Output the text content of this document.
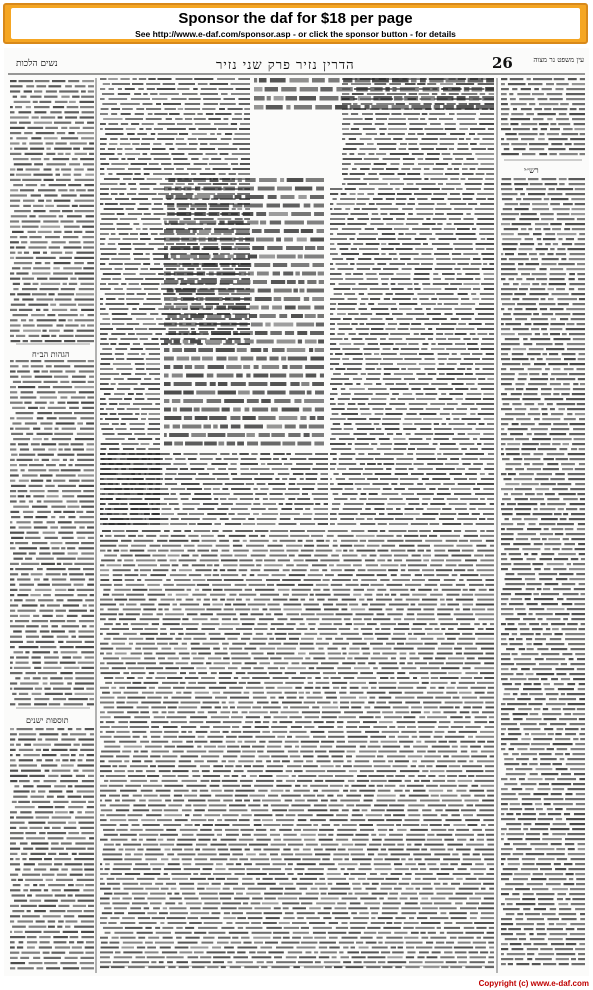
Sponsor the daf for $18 per page
See http://www.e-daf.com/sponsor.asp - or click the sponsor button - for details
26
הדרין נזיר פרק שני נזיר
נשים הלכות	עין משפט נר מצוה
הגהות הב״ח
תוספות ישנים
רש״י
Copyright (c) www.e-daf.com
